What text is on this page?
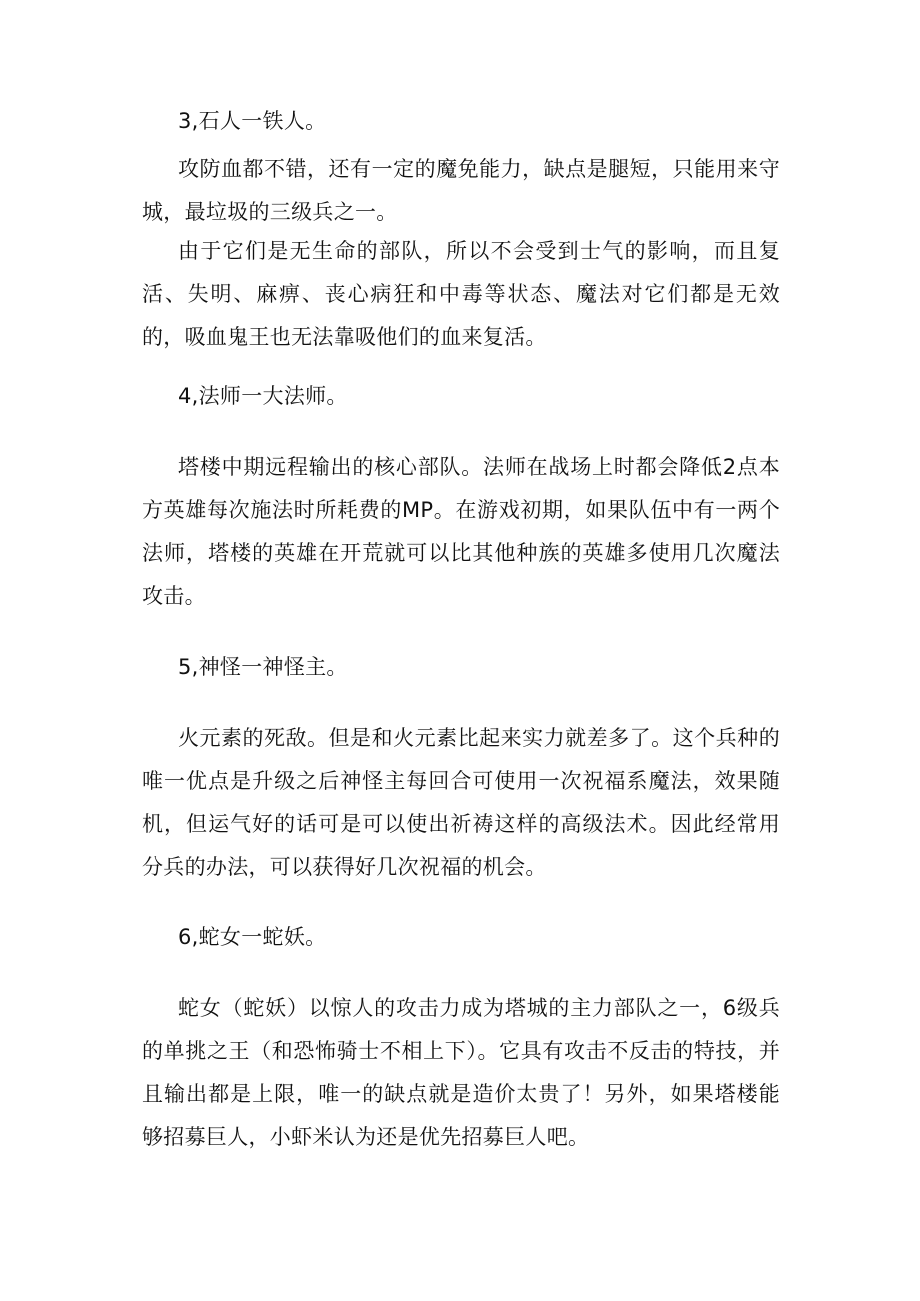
3,石人一铁人。

攻防血都不错，还有一定的魔免能力，缺点是腿短，只能用来守城，最垃圾的三级兵之一。

由于它们是无生命的部队，所以不会受到士气的影响，而且复活、失明、麻痹、丧心病狂和中毒等状态、魔法对它们都是无效的，吸血鬼王也无法靠吸他们的血来复活。

4,法师一大法师。

塔楼中期远程输出的核心部队。法师在战场上时都会降低2点本方英雄每次施法时所耗费的MP。在游戏初期，如果队伍中有一两个法师，塔楼的英雄在开荒就可以比其他种族的英雄多使用几次魔法攻击。

5,神怪一神怪主。

火元素的死敌。但是和火元素比起来实力就差多了。这个兵种的唯一优点是升级之后神怪主每回合可使用一次祝福系魔法，效果随机，但运气好的话可是可以使出祈祷这样的高级法术。因此经常用分兵的办法，可以获得好几次祝福的机会。

6,蛇女一蛇妖。

蛇女（蛇妖）以惊人的攻击力成为塔城的主力部队之一，6级兵的单挑之王（和恐怖骑士不相上下）。它具有攻击不反击的特技，并且输出都是上限，唯一的缺点就是造价太贵了！另外，如果塔楼能够招募巨人，小虾米认为还是优先招募巨人吧。
